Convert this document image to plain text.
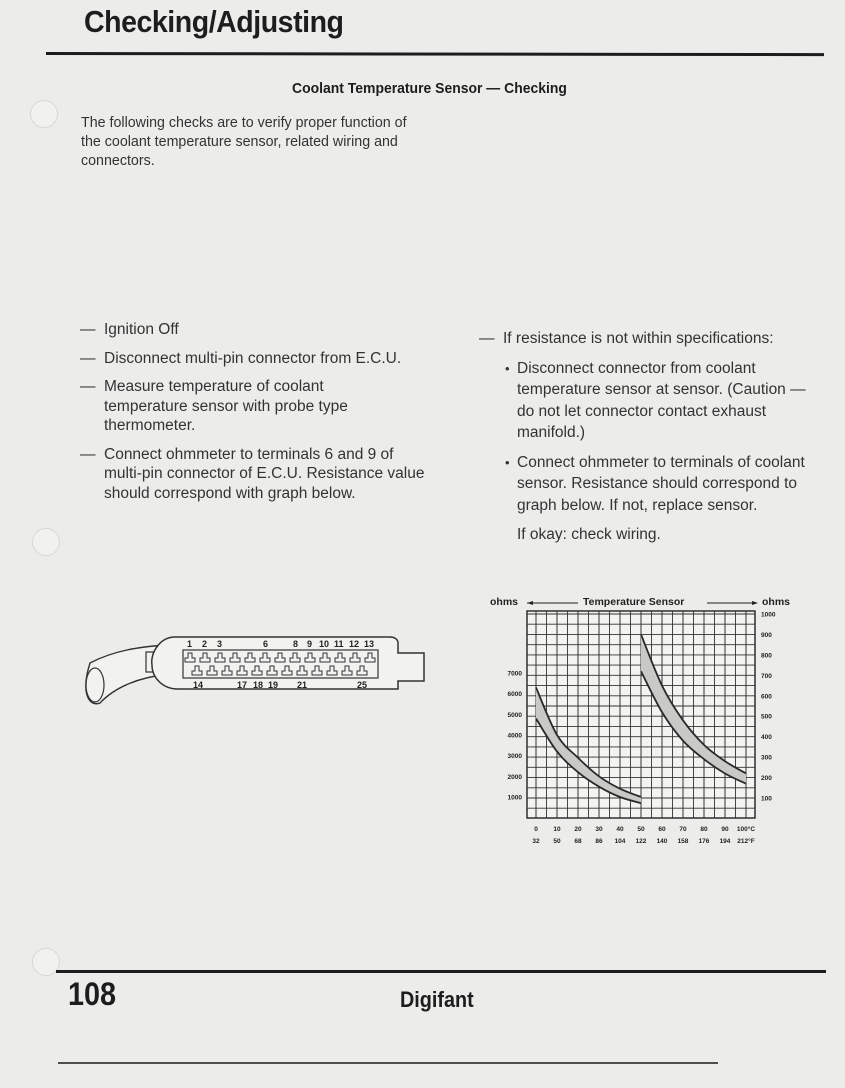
Checking/Adjusting
Coolant Temperature Sensor — Checking
The following checks are to verify proper function of the coolant temperature sensor, related wiring and connectors.
— Ignition Off
— Disconnect multi-pin connector from E.C.U.
— Measure temperature of coolant temperature sensor with probe type thermometer.
— Connect ohmmeter to terminals 6 and 9 of multi-pin connector of E.C.U. Resistance value should correspond with graph below.
— If resistance is not within specifications:
• Disconnect connector from coolant temperature sensor at sensor. (Caution — do not let connector contact exhaust manifold.)
• Connect ohmmeter to terminals of coolant sensor. Resistance should correspond to graph below. If not, replace sensor.
If okay: check wiring.
1 2 3	6	8 9 10 11 12 13
14	17 18 19 21	25
ohms	Temperature Sensor	ohms
0 10 20 30 40 50 60 70 80 90 100°C
32 50 68 86 104 122 140 158 176 194 212°F
1000
2000
3000
4000
5000
6000
7000
100
200
300
400
500
600
700
800
900
1000
108	Digifant
